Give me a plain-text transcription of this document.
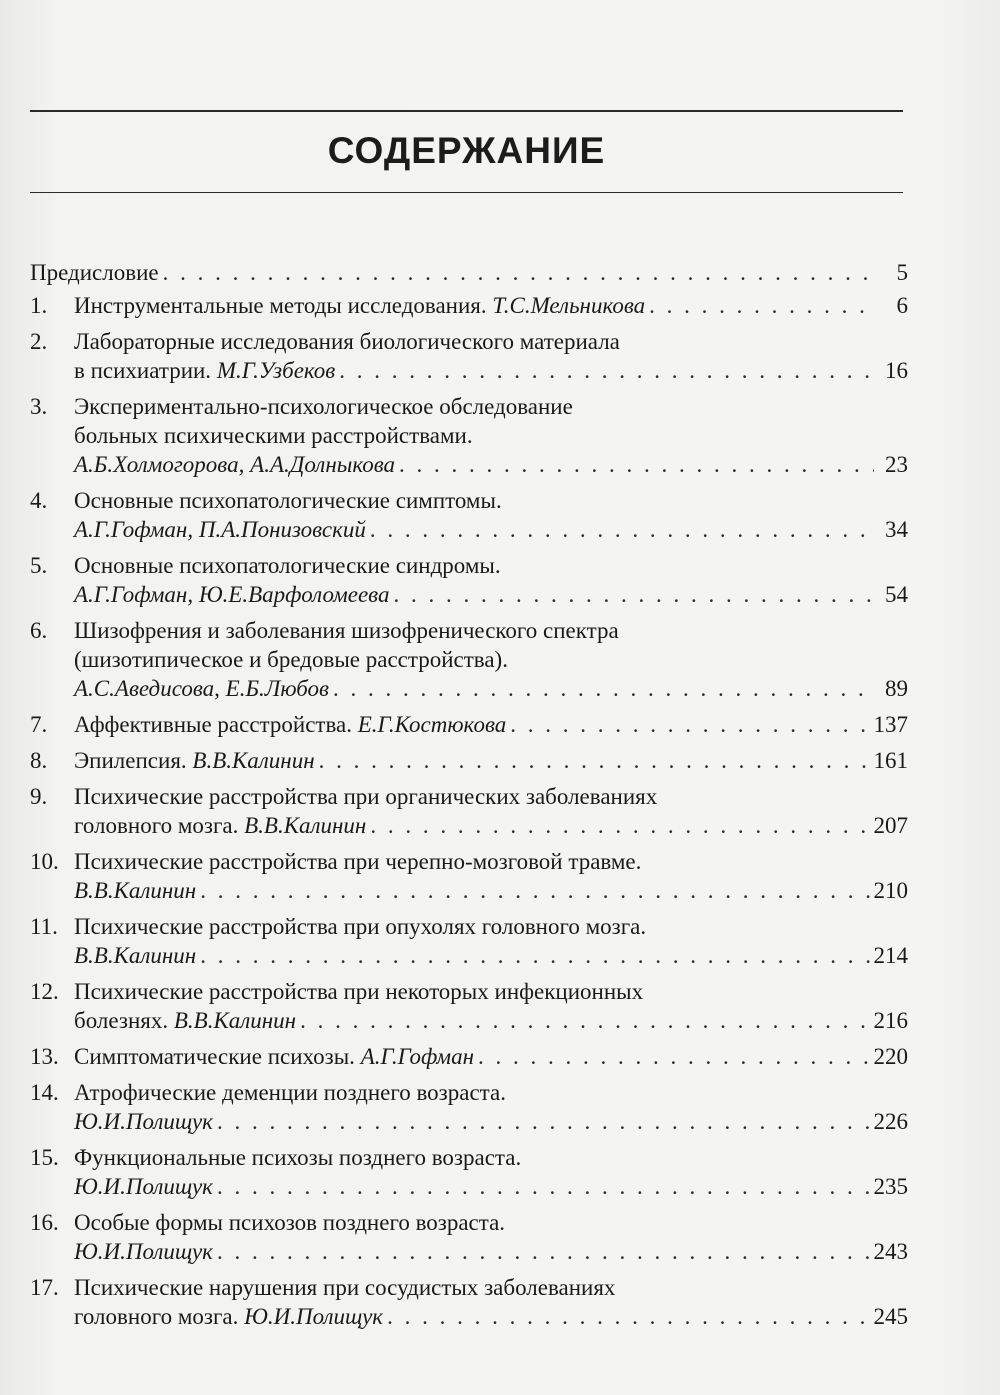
СОДЕРЖАНИЕ
Предисловие . . .	5
1.	Инструментальные методы исследования. Т.С.Мельникова . . .	6
2.	Лабораторные исследования биологического материала
в психиатрии. М.Г.Узбеков . . .	16
3.	Экспериментально-психологическое обследование
больных психическими расстройствами.
А.Б.Холмогорова, А.А.Долныкова . . .	23
4.	Основные психопатологические симптомы.
А.Г.Гофман, П.А.Понизовский . . .	34
5.	Основные психопатологические синдромы.
А.Г.Гофман, Ю.Е.Варфоломеева . . .	54
6.	Шизофрения и заболевания шизофренического спектра
(шизотипическое и бредовые расстройства).
А.С.Аведисова, Е.Б.Любов . . .	89
7.	Аффективные расстройства. Е.Г.Костюкова . . .	137
8.	Эпилепсия. В.В.Калинин . . .	161
9.	Психические расстройства при органических заболеваниях
головного мозга. В.В.Калинин . . .	207
10. Психические расстройства при черепно-мозговой травме.
В.В.Калинин . . .	210
11. Психические расстройства при опухолях головного мозга.
В.В.Калинин . . .	214
12. Психические расстройства при некоторых инфекционных
болезнях. В.В.Калинин . . .	216
13. Симптоматические психозы. А.Г.Гофман . . .	220
14. Атрофические деменции позднего возраста.
Ю.И.Полищук . . .	226
15. Функциональные психозы позднего возраста.
Ю.И.Полищук . . .	235
16. Особые формы психозов позднего возраста.
Ю.И.Полищук . . .	243
17. Психические нарушения при сосудистых заболеваниях
головного мозга. Ю.И.Полищук . . .	245
